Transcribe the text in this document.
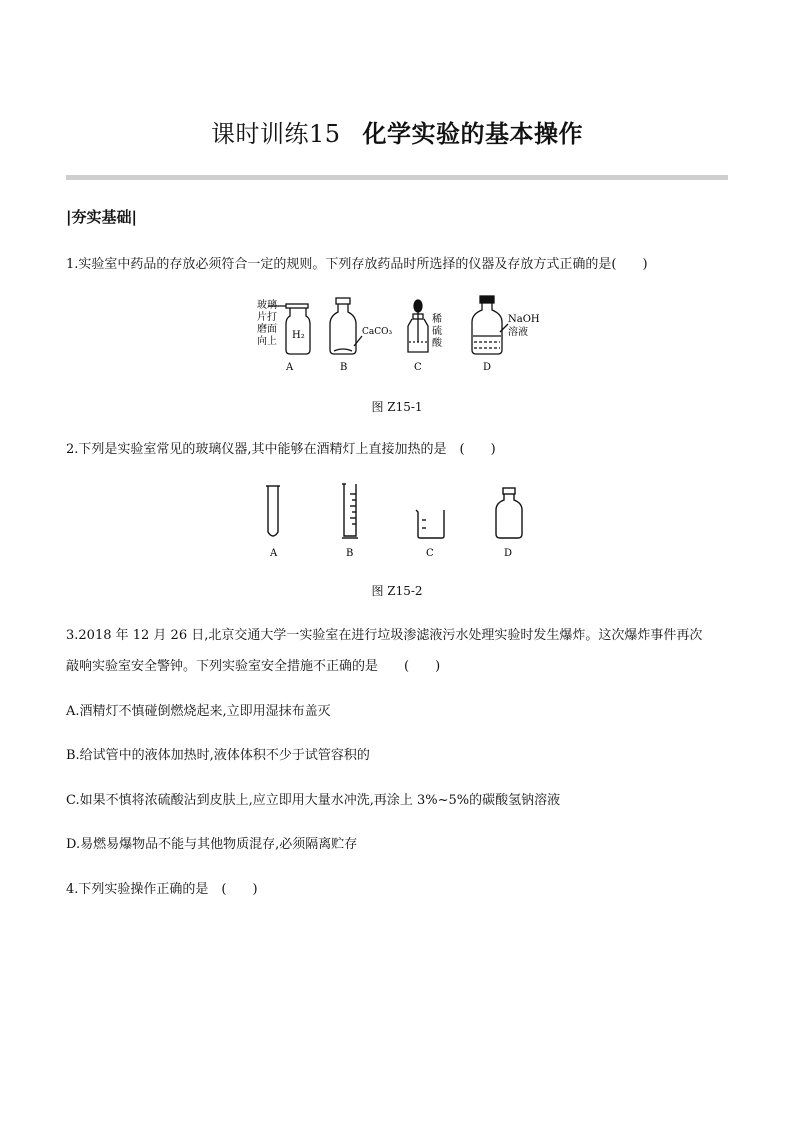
课时训练15 化学实验的基本操作
|夯实基础|
1.实验室中药品的存放必须符合一定的规则。下列存放药品时所选择的仪器及存放方式正确的是(　　)
玻璃
片打
磨面
向上
H₂	CaCO₃
稀
硫
酸
NaOH
溶液
A	B	C	D
图 Z15-1
2.下列是实验室常见的玻璃仪器,其中能够在酒精灯上直接加热的是　(　　)
A	B	C	D
图 Z15-2
3.2018 年 12 月 26 日,北京交通大学一实验室在进行垃圾渗滤液污水处理实验时发生爆炸。这次爆炸事件再次
敲响实验室安全警钟。下列实验室安全措施不正确的是　　(　　)
A.酒精灯不慎碰倒燃烧起来,立即用湿抹布盖灭
B.给试管中的液体加热时,液体体积不少于试管容积的
C.如果不慎将浓硫酸沾到皮肤上,应立即用大量水冲洗,再涂上 3%~5%的碳酸氢钠溶液
D.易燃易爆物品不能与其他物质混存,必须隔离贮存
4.下列实验操作正确的是　(　　)
